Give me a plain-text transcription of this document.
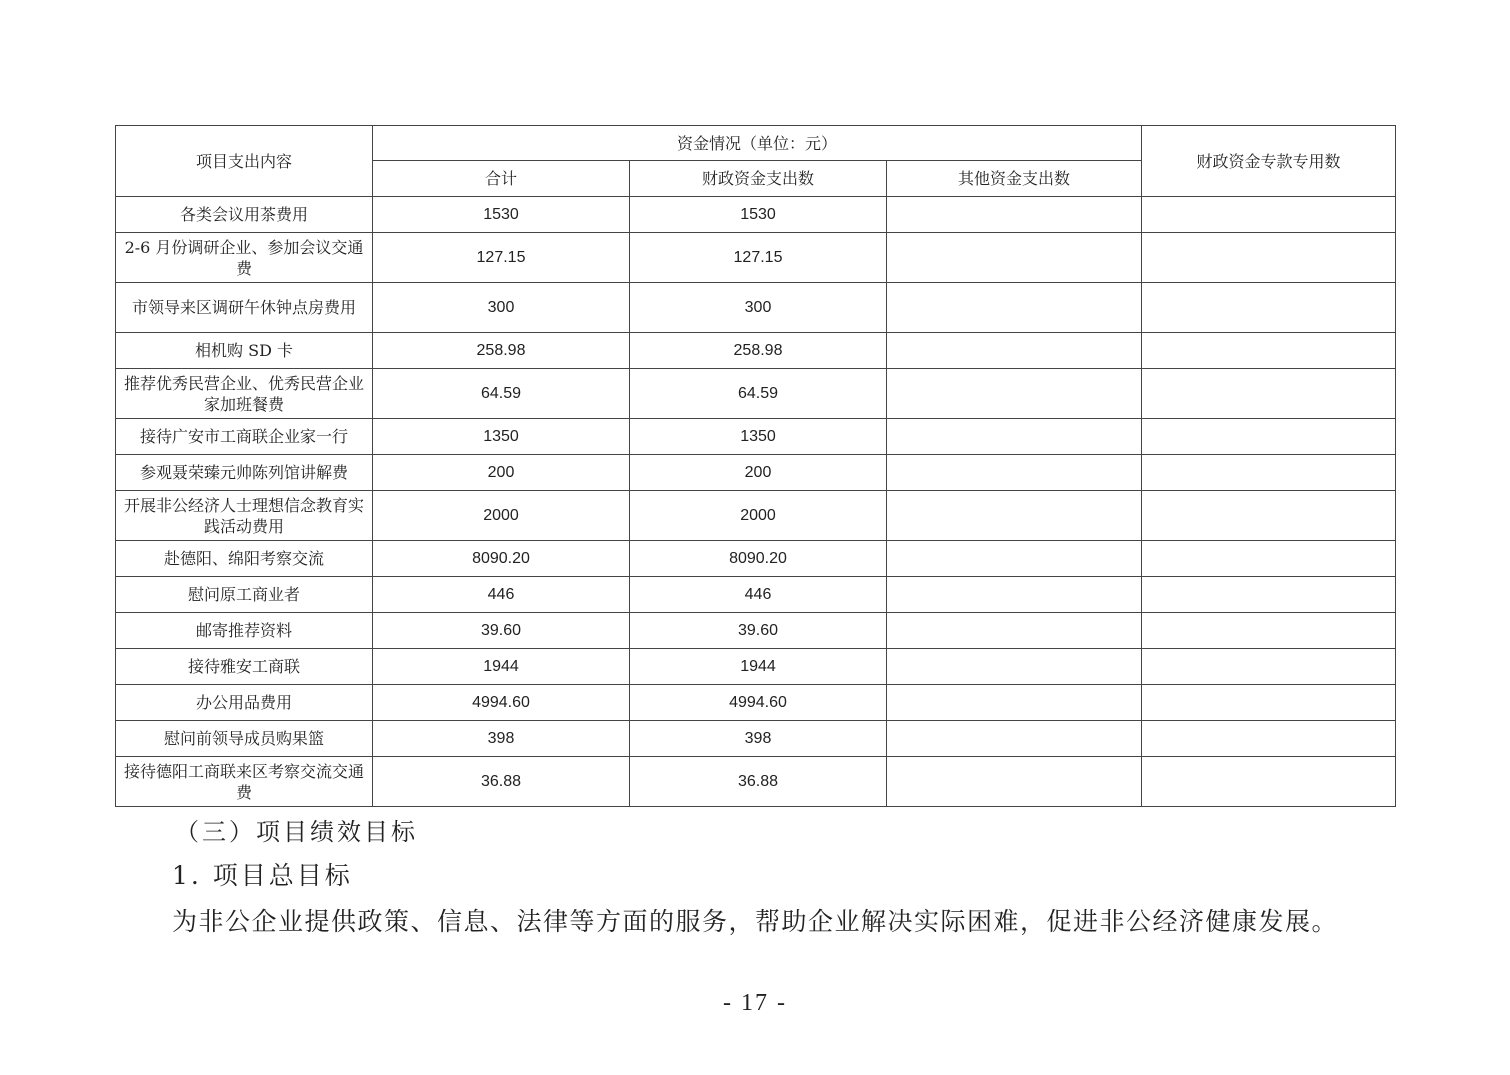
项目支出内容	资金情况（单位：元）			财政资金专款专用数
	合计	财政资金支出数	其他资金支出数	
各类会议用茶费用	1530	1530		
2-6 月份调研企业、参加会议交通费	127.15	127.15		
市领导来区调研午休钟点房费用	300	300		
相机购 SD 卡	258.98	258.98		
推荐优秀民营企业、优秀民营企业家加班餐费	64.59	64.59		
接待广安市工商联企业家一行	1350	1350		
参观聂荣臻元帅陈列馆讲解费	200	200		
开展非公经济人士理想信念教育实践活动费用	2000	2000		
赴德阳、绵阳考察交流	8090.20	8090.20		
慰问原工商业者	446	446		
邮寄推荐资料	39.60	39.60		
接待雅安工商联	1944	1944		
办公用品费用	4994.60	4994.60		
慰问前领导成员购果篮	398	398		
接待德阳工商联来区考察交流交通费	36.88	36.88		
（三）项目绩效目标
1. 项目总目标
为非公企业提供政策、信息、法律等方面的服务，帮助企业解决实际困难，促进非公经济健康发展。
- 17 -
